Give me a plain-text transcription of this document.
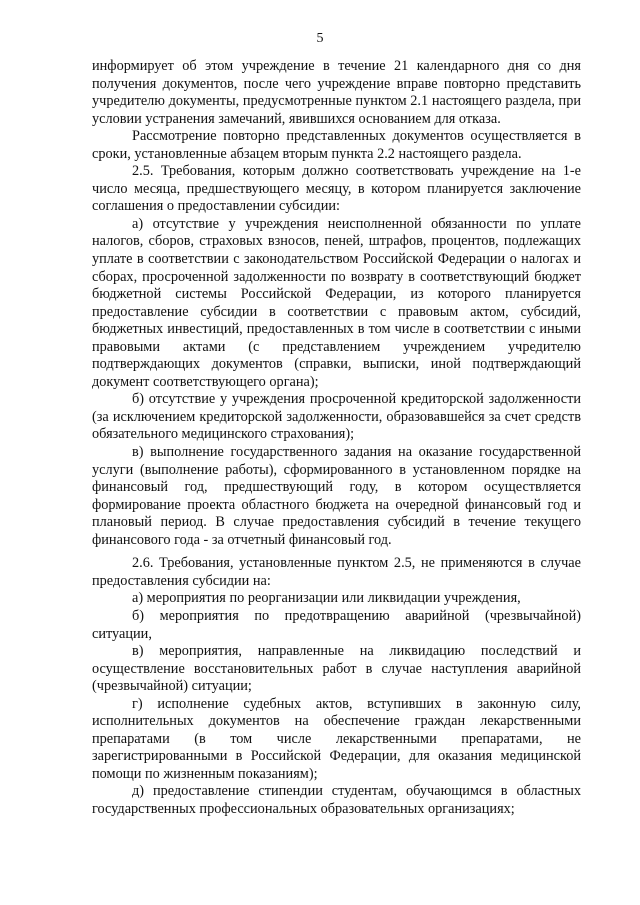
5

информирует об этом учреждение в течение 21 календарного дня со дня получения документов, после чего учреждение вправе повторно представить учредителю документы, предусмотренные пунктом 2.1 настоящего раздела, при условии устранения замечаний, явившихся основанием для отказа.

Рассмотрение повторно представленных документов осуществляется в сроки, установленные абзацем вторым пункта 2.2 настоящего раздела.

2.5. Требования, которым должно соответствовать учреждение на 1-е число месяца, предшествующего месяцу, в котором планируется заключение соглашения о предоставлении субсидии:

а) отсутствие у учреждения неисполненной обязанности по уплате налогов, сборов, страховых взносов, пеней, штрафов, процентов, подлежащих уплате в соответствии с законодательством Российской Федерации о налогах и сборах, просроченной задолженности по возврату в соответствующий бюджет бюджетной системы Российской Федерации, из которого планируется предоставление субсидии в соответствии с правовым актом, субсидий, бюджетных инвестиций, предоставленных в том числе в соответствии с иными правовыми актами (с представлением учреждением учредителю подтверждающих документов (справки, выписки, иной подтверждающий документ соответствующего органа);

б) отсутствие у учреждения просроченной кредиторской задолженности (за исключением кредиторской задолженности, образовавшейся за счет средств обязательного медицинского страхования);

в) выполнение государственного задания на оказание государственной услуги (выполнение работы), сформированного в установленном порядке на финансовый год, предшествующий году, в котором осуществляется формирование проекта областного бюджета на очередной финансовый год и плановый период. В случае предоставления субсидий в течение текущего финансового года - за отчетный финансовый год.

2.6. Требования, установленные пунктом 2.5, не применяются в случае предоставления субсидии на:

а) мероприятия по реорганизации или ликвидации учреждения,

б) мероприятия по предотвращению аварийной (чрезвычайной) ситуации,

в) мероприятия, направленные на ликвидацию последствий и осуществление восстановительных работ в случае наступления аварийной (чрезвычайной) ситуации;

г) исполнение судебных актов, вступивших в законную силу, исполнительных документов на обеспечение граждан лекарственными препаратами (в том числе лекарственными препаратами, не зарегистрированными в Российской Федерации, для оказания медицинской помощи по жизненным показаниям);

д) предоставление стипендии студентам, обучающимся в областных государственных профессиональных образовательных организациях;
